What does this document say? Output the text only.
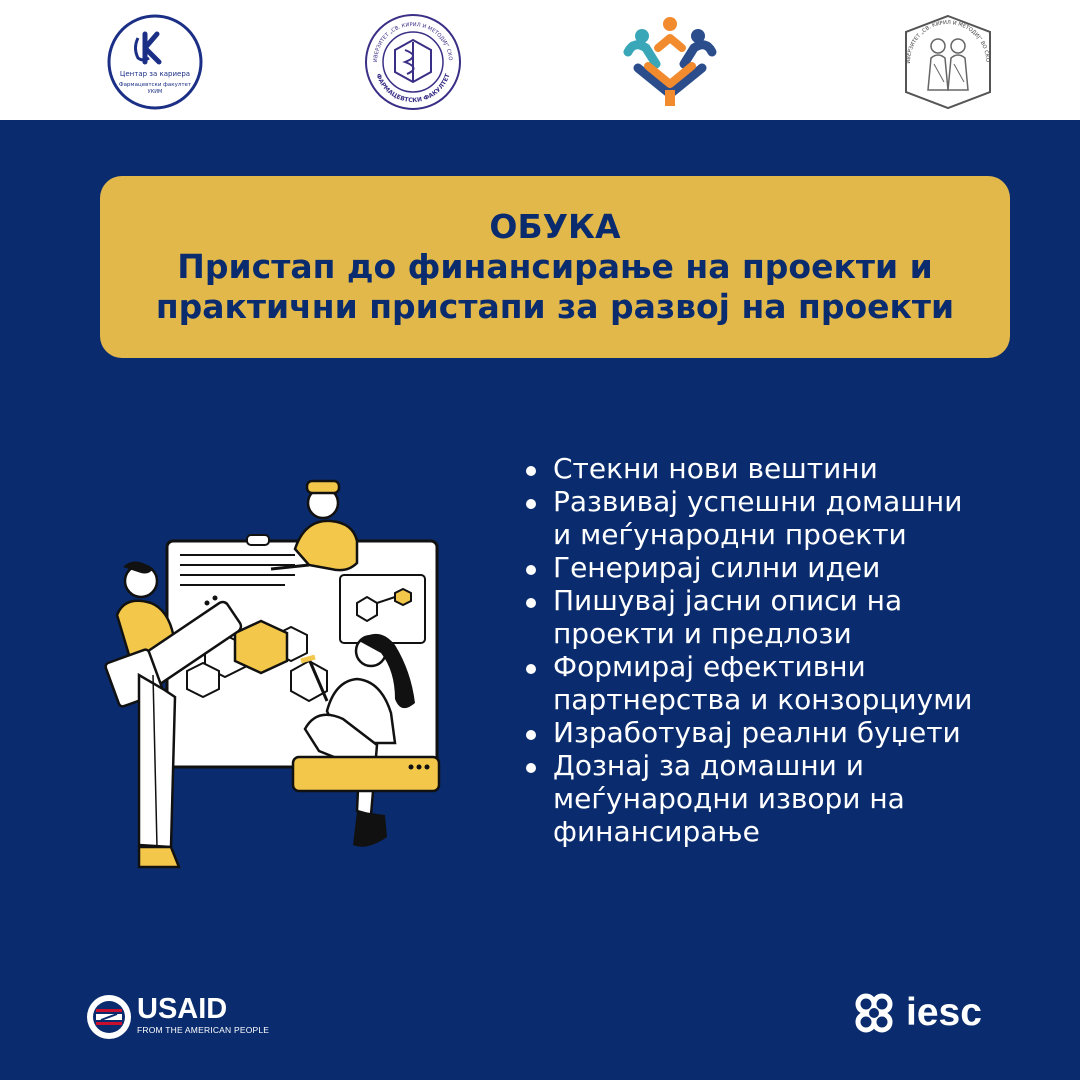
Центар за кариера
Фармацевтски факултет
УКИМ
ИВЕРЗИТЕТ „СВ. КИРИЛ И МЕТОДИЈ“ СКО
ФАРМАЦЕВТСКИ ФАКУЛТЕТ
ИВЕРЗИТЕТ „СВ. КИРИЛ И МЕТОДИЈ“ ВО СКО
ОБУКА
Пристап до финансирање на проекти и
практични пристапи за развој на проекти
Стекни нови вештини
Развивај успешни домашни
и меѓународни проекти
Генерирај силни идеи
Пишувај јасни описи на
проекти и предлози
Формирај ефективни
партнерства и конзорциуми
Изработувај реални буџети
Дознај за домашни и
меѓународни извори на
финансирање
USAID
FROM THE AMERICAN PEOPLE	iesc
